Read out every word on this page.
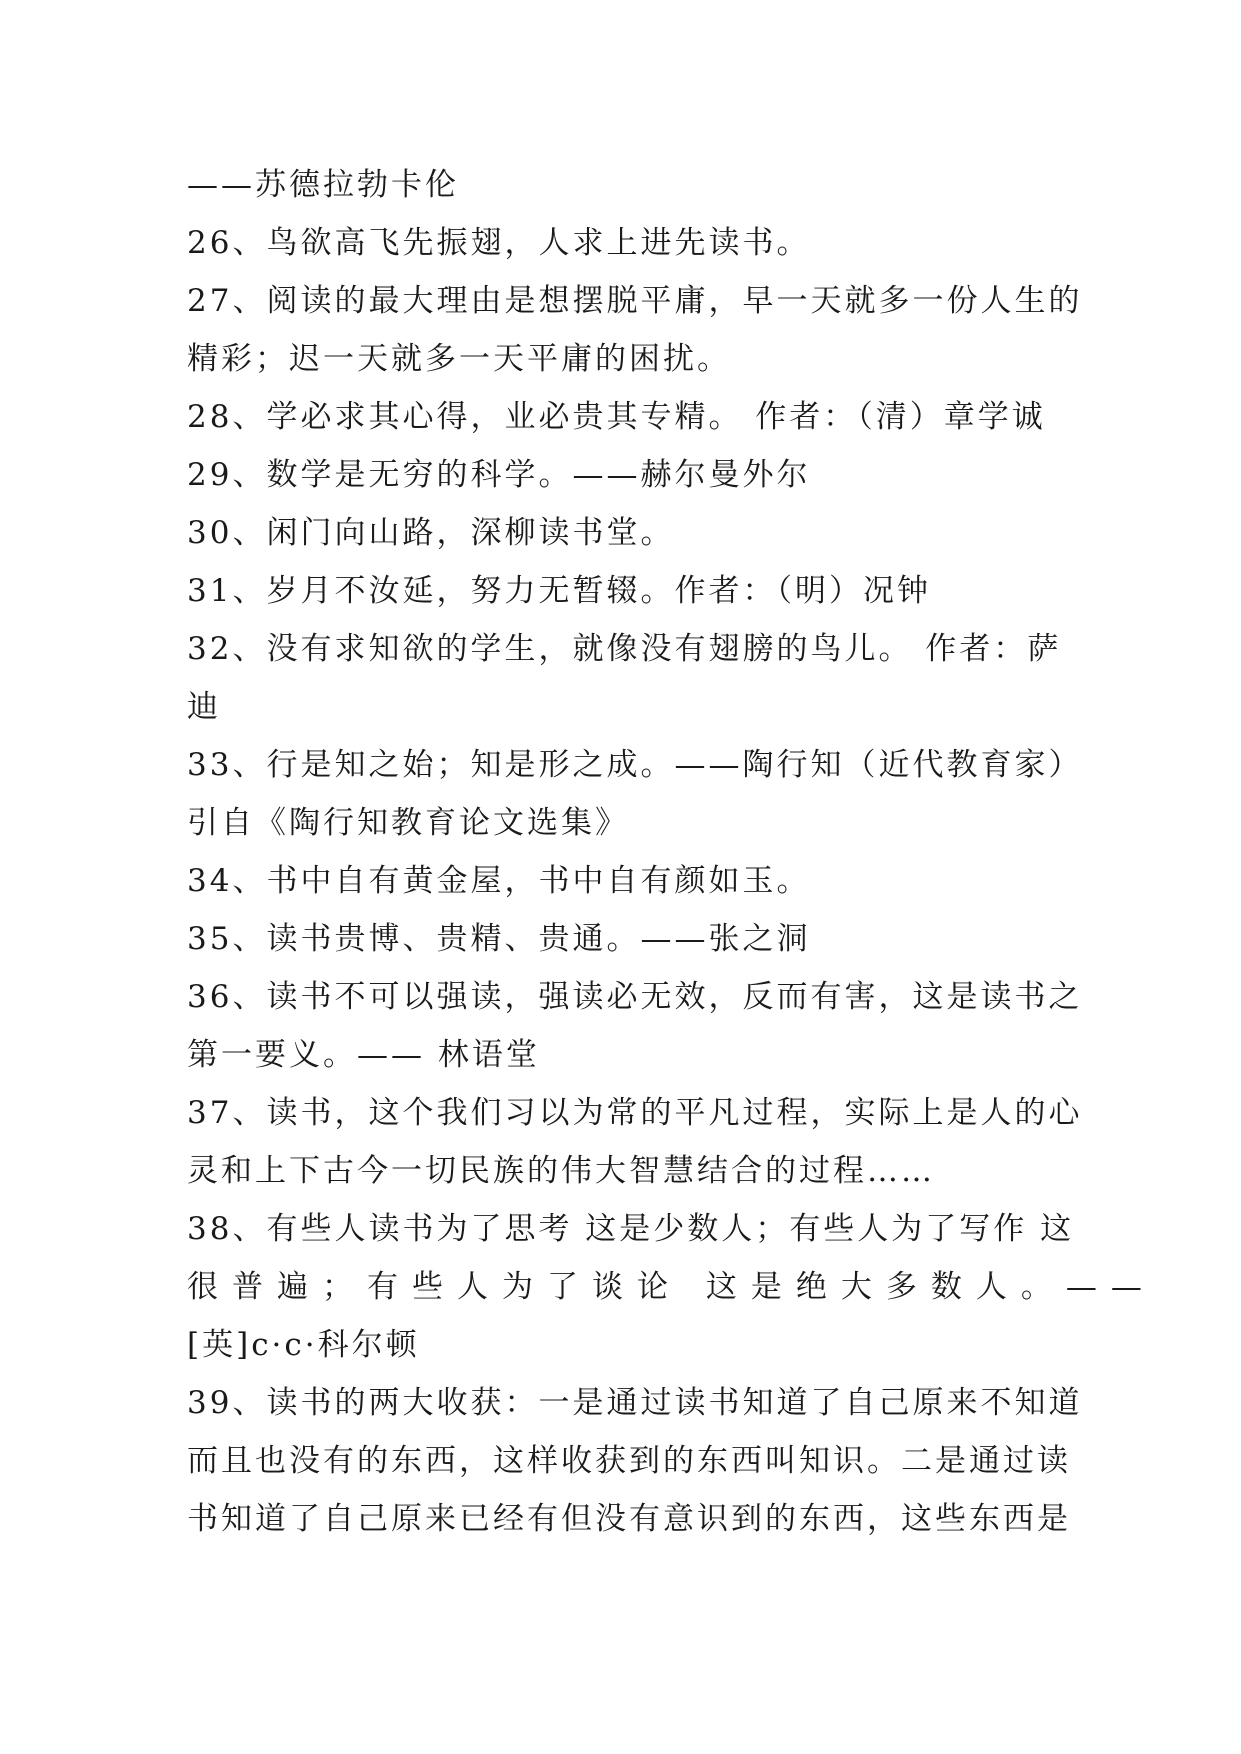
——苏德拉勃卡伦
26、鸟欲高飞先振翅，人求上进先读书。
27、阅读的最大理由是想摆脱平庸，早一天就多一份人生的
精彩；迟一天就多一天平庸的困扰。
28、学必求其心得，业必贵其专精。 作者：（清）章学诚
29、数学是无穷的科学。——赫尔曼外尔
30、闲门向山路，深柳读书堂。
31、岁月不汝延，努力无暂辍。作者：（明）况钟
32、没有求知欲的学生，就像没有翅膀的鸟儿。 作者：萨
迪
33、行是知之始；知是形之成。——陶行知（近代教育家）
引自《陶行知教育论文选集》
34、书中自有黄金屋，书中自有颜如玉。
35、读书贵博、贵精、贵通。——张之洞
36、读书不可以强读，强读必无效，反而有害，这是读书之
第一要义。—— 林语堂
37、读书，这个我们习以为常的平凡过程，实际上是人的心
灵和上下古今一切民族的伟大智慧结合的过程……
38、有些人读书为了思考 这是少数人；有些人为了写作 这
很普遍；有些人为了谈论 这是绝大多数人。——
[英]c·c·科尔顿
39、读书的两大收获：一是通过读书知道了自己原来不知道
而且也没有的东西，这样收获到的东西叫知识。二是通过读
书知道了自己原来已经有但没有意识到的东西，这些东西是
